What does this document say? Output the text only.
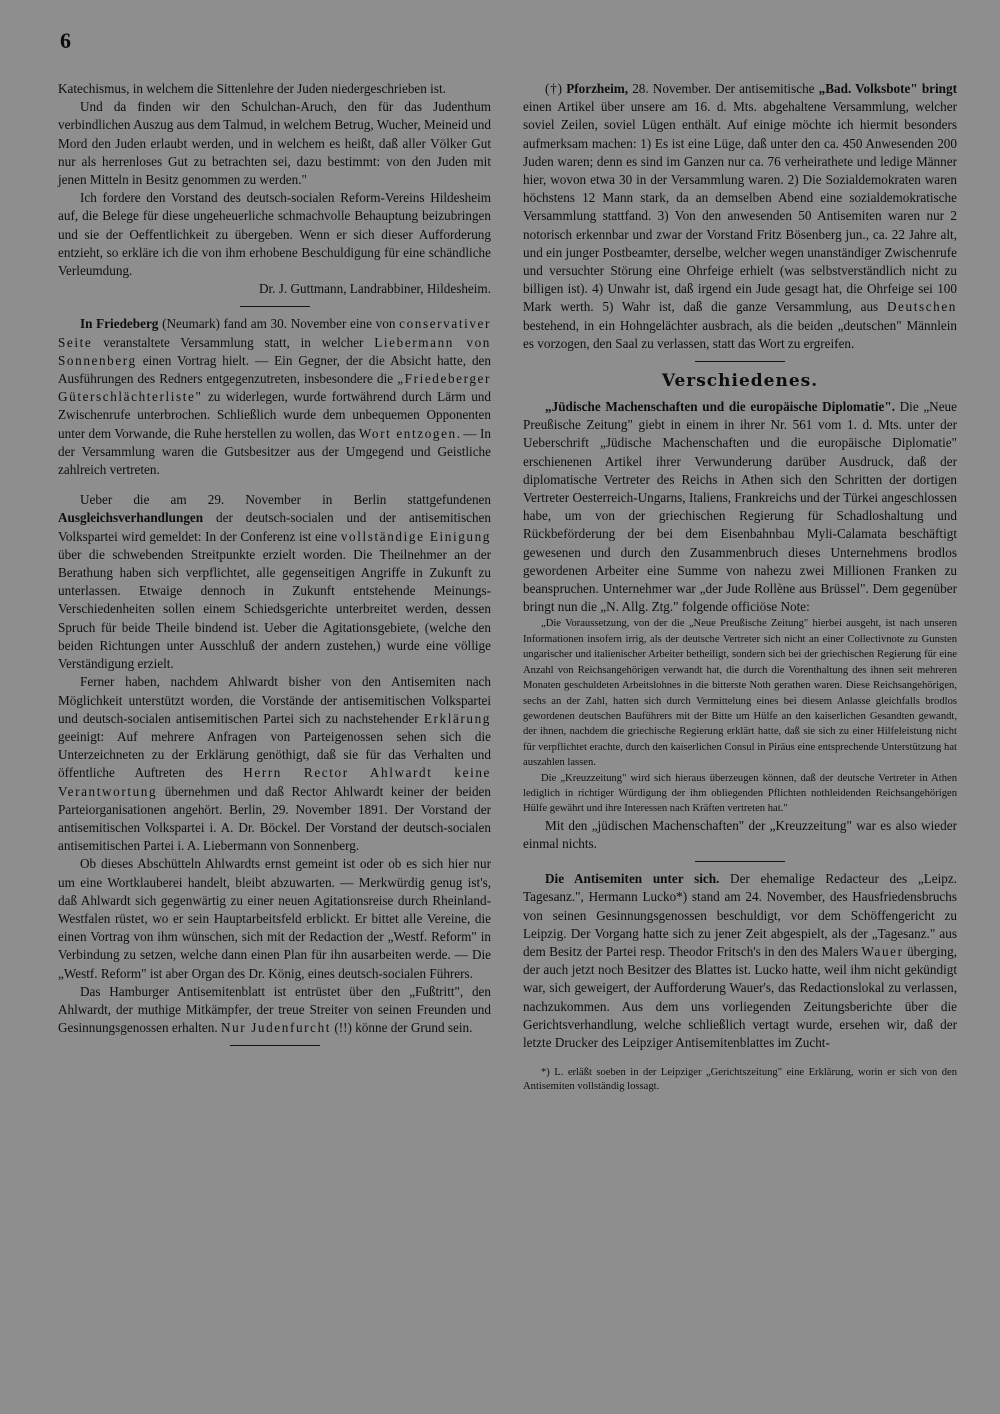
6

Katechismus, in welchem die Sittenlehre der Juden niedergeschrieben ist.

Und da finden wir den Schulchan-Aruch, den für das Judenthum verbindlichen Auszug aus dem Talmud, in welchem Betrug, Wucher, Meineid und Mord den Juden erlaubt werden, und in welchem es heißt, daß aller Völker Gut nur als herrenloses Gut zu betrachten sei, dazu bestimmt: von den Juden mit jenen Mitteln in Besitz genommen zu werden."

Ich fordere den Vorstand des deutsch-socialen Reform-Vereins Hildesheim auf, die Belege für diese ungeheuerliche schmachvolle Behauptung beizubringen und sie der Oeffentlichkeit zu übergeben. Wenn er sich dieser Aufforderung entzieht, so erkläre ich die von ihm erhobene Beschuldigung für eine schändliche Verleumdung.

Dr. J. Guttmann, Landrabbiner, Hildesheim.

In Friedeberg (Neumark) fand am 30. November eine von conservativer Seite veranstaltete Versammlung statt, in welcher Liebermann von Sonnenberg einen Vortrag hielt. — Ein Gegner, der die Absicht hatte, den Ausführungen des Redners entgegenzutreten, insbesondere die „Friedeberger Güterschlächterliste" zu widerlegen, wurde fortwährend durch Lärm und Zwischenrufe unterbrochen. Schließlich wurde dem unbequemen Opponenten unter dem Vorwande, die Ruhe herstellen zu wollen, das Wort entzogen. — In der Versammlung waren die Gutsbesitzer aus der Umgegend und Geistliche zahlreich vertreten.

Ueber die am 29. November in Berlin stattgefundenen Ausgleichsverhandlungen der deutsch-socialen und der antisemitischen Volkspartei wird gemeldet: In der Conferenz ist eine vollständige Einigung über die schwebenden Streitpunkte erzielt worden. Die Theilnehmer an der Berathung haben sich verpflichtet, alle gegenseitigen Angriffe in Zukunft zu unterlassen. Etwaige dennoch in Zukunft entstehende Meinungs-Verschiedenheiten sollen einem Schiedsgerichte unterbreitet werden, dessen Spruch für beide Theile bindend ist. Ueber die Agitationsgebiete, (welche den beiden Richtungen unter Ausschluß der andern zustehen,) wurde eine völlige Verständigung erzielt.

Ferner haben, nachdem Ahlwardt bisher von den Antisemiten nach Möglichkeit unterstützt worden, die Vorstände der antisemitischen Volkspartei und deutsch-socialen antisemitischen Partei sich zu nachstehender Erklärung geeinigt: Auf mehrere Anfragen von Parteigenossen sehen sich die Unterzeichneten zu der Erklärung genöthigt, daß sie für das Verhalten und öffentliche Auftreten des Herrn Rector Ahlwardt keine Verantwortung übernehmen und daß Rector Ahlwardt keiner der beiden Parteiorganisationen angehört. Berlin, 29. November 1891. Der Vorstand der antisemitischen Volkspartei i. A. Dr. Böckel. Der Vorstand der deutsch-socialen antisemitischen Partei i. A. Liebermann von Sonnenberg.

Ob dieses Abschütteln Ahlwardts ernst gemeint ist oder ob es sich hier nur um eine Wortklauberei handelt, bleibt abzuwarten. — Merkwürdig genug ist's, daß Ahlwardt sich gegenwärtig zu einer neuen Agitationsreise durch Rheinland-Westfalen rüstet, wo er sein Hauptarbeitsfeld erblickt. Er bittet alle Vereine, die einen Vortrag von ihm wünschen, sich mit der Redaction der „Westf. Reform" in Verbindung zu setzen, welche dann einen Plan für ihn ausarbeiten werde. — Die „Westf. Reform" ist aber Organ des Dr. König, eines deutsch-socialen Führers.

Das Hamburger Antisemitenblatt ist entrüstet über den „Fußtritt", den Ahlwardt, der muthige Mitkämpfer, der treue Streiter von seinen Freunden und Gesinnungsgenossen erhalten. Nur Judenfurcht (!!) könne der Grund sein.

(†) Pforzheim, 28. November. Der antisemitische „Bad. Volksbote" bringt einen Artikel über unsere am 16. d. Mts. abgehaltene Versammlung, welcher soviel Zeilen, soviel Lügen enthält. Auf einige möchte ich hiermit besonders aufmerksam machen: 1) Es ist eine Lüge, daß unter den ca. 450 Anwesenden 200 Juden waren; denn es sind im Ganzen nur ca. 76 verheirathete und ledige Männer hier, wovon etwa 30 in der Versammlung waren. 2) Die Sozialdemokraten waren höchstens 12 Mann stark, da an demselben Abend eine sozialdemokratische Versammlung stattfand. 3) Von den anwesenden 50 Antisemiten waren nur 2 notorisch erkennbar und zwar der Vorstand Fritz Bösenberg jun., ca. 22 Jahre alt, und ein junger Postbeamter, derselbe, welcher wegen unanständiger Zwischenrufe und versuchter Störung eine Ohrfeige erhielt (was selbstverständlich nicht zu billigen ist). 4) Unwahr ist, daß irgend ein Jude gesagt hat, die Ohrfeige sei 100 Mark werth. 5) Wahr ist, daß die ganze Versammlung, aus Deutschen bestehend, in ein Hohngelächter ausbrach, als die beiden „deutschen" Männlein es vorzogen, den Saal zu verlassen, statt das Wort zu ergreifen.

Verschiedenes.

„Jüdische Machenschaften und die europäische Diplomatie". Die „Neue Preußische Zeitung" giebt in einem in ihrer Nr. 561 vom 1. d. Mts. unter der Ueberschrift „Jüdische Machenschaften und die europäische Diplomatie" erschienenen Artikel ihrer Verwunderung darüber Ausdruck, daß der diplomatische Vertreter des Reichs in Athen sich den Schritten der dortigen Vertreter Oesterreich-Ungarns, Italiens, Frankreichs und der Türkei angeschlossen habe, um von der griechischen Regierung für Schadloshaltung und Rückbeförderung der bei dem Eisenbahnbau Myli-Calamata beschäftigt gewesenen und durch den Zusammenbruch dieses Unternehmens brodlos gewordenen Arbeiter eine Summe von nahezu zwei Millionen Franken zu beanspruchen. Unternehmer war „der Jude Rollène aus Brüssel". Dem gegenüber bringt nun die „N. Allg. Ztg." folgende officiöse Note:

„Die Voraussetzung, von der die „Neue Preußische Zeitung" hierbei ausgeht, ist nach unseren Informationen insofern irrig, als der deutsche Vertreter sich nicht an einer Collectivnote zu Gunsten ungarischer und italienischer Arbeiter betheiligt, sondern sich bei der griechischen Regierung für eine Anzahl von Reichsangehörigen verwandt hat, die durch die Vorenthaltung des ihnen seit mehreren Monaten geschuldeten Arbeitslohnes in die bitterste Noth gerathen waren. Diese Reichsangehörigen, sechs an der Zahl, hatten sich durch Vermittelung eines bei diesem Anlasse gleichfalls brodlos gewordenen deutschen Bauführers mit der Bitte um Hülfe an den kaiserlichen Gesandten gewandt, der ihnen, nachdem die griechische Regierung erklärt hatte, daß sie sich zu einer Hilfeleistung nicht für verpflichtet erachte, durch den kaiserlichen Consul in Piräus eine entsprechende Unterstützung hat auszahlen lassen.

Die „Kreuzzeitung" wird sich hieraus überzeugen können, daß der deutsche Vertreter in Athen lediglich in richtiger Würdigung der ihm obliegenden Pflichten nothleidenden Reichsangehörigen Hülfe gewährt und ihre Interessen nach Kräften vertreten hat."

Mit den „jüdischen Machenschaften" der „Kreuzzeitung" war es also wieder einmal nichts.

Die Antisemiten unter sich. Der ehemalige Redacteur des „Leipz. Tagesanz.", Hermann Lucko*) stand am 24. November, des Hausfriedensbruchs von seinen Gesinnungsgenossen beschuldigt, vor dem Schöffengericht zu Leipzig. Der Vorgang hatte sich zu jener Zeit abgespielt, als der „Tagesanz." aus dem Besitz der Partei resp. Theodor Fritsch's in den des Malers Wauer überging, der auch jetzt noch Besitzer des Blattes ist. Lucko hatte, weil ihm nicht gekündigt war, sich geweigert, der Aufforderung Wauer's, das Redactionslokal zu verlassen, nachzukommen. Aus dem uns vorliegenden Zeitungsberichte über die Gerichtsverhandlung, welche schließlich vertagt wurde, ersehen wir, daß der letzte Drucker des Leipziger Antisemitenblattes im Zucht-

*) L. erläßt soeben in der Leipziger „Gerichtszeitung" eine Erklärung, worin er sich von den Antisemiten vollständig lossagt.
